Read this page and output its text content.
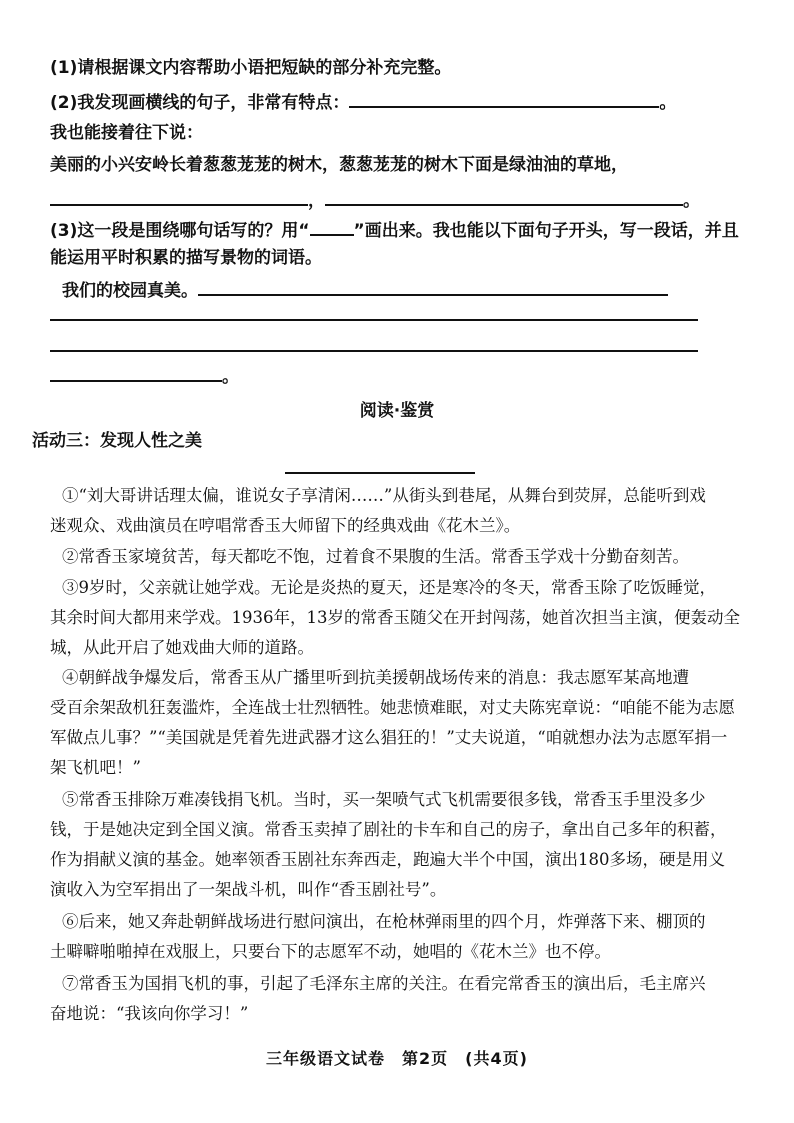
(1)请根据课文内容帮助小语把短缺的部分补充完整。
(2)我发现画横线的句子，非常有特点：	。
我也能接着往下说：
美丽的小兴安岭长着葱葱茏茏的树木，葱葱茏茏的树木下面是绿油油的草地，
，	。
(3)这一段是围绕哪句话写的？用“	”画出来。我也能以下面句子开头，写一段话，并且
能运用平时积累的描写景物的词语。
我们的校园真美。
。
阅读·鉴赏
活动三：发现人性之美
①“刘大哥讲话理太偏，谁说女子享清闲……”从街头到巷尾，从舞台到荧屏，总能听到戏
迷观众、戏曲演员在哼唱常香玉大师留下的经典戏曲《花木兰》。
②常香玉家境贫苦，每天都吃不饱，过着食不果腹的生活。常香玉学戏十分勤奋刻苦。
③9岁时，父亲就让她学戏。无论是炎热的夏天，还是寒冷的冬天，常香玉除了吃饭睡觉，
其余时间大都用来学戏。1936年，13岁的常香玉随父在开封闯荡，她首次担当主演，便轰动全
城，从此开启了她戏曲大师的道路。
④朝鲜战争爆发后，常香玉从广播里听到抗美援朝战场传来的消息：我志愿军某高地遭
受百余架敌机狂轰滥炸，全连战士壮烈牺牲。她悲愤难眠，对丈夫陈宪章说：“咱能不能为志愿
军做点儿事？”“美国就是凭着先进武器才这么猖狂的！”丈夫说道，“咱就想办法为志愿军捐一
架飞机吧！”
⑤常香玉排除万难凑钱捐飞机。当时，买一架喷气式飞机需要很多钱，常香玉手里没多少
钱，于是她决定到全国义演。常香玉卖掉了剧社的卡车和自己的房子，拿出自己多年的积蓄，
作为捐献义演的基金。她率领香玉剧社东奔西走，跑遍大半个中国，演出180多场，硬是用义
演收入为空军捐出了一架战斗机，叫作“香玉剧社号”。
⑥后来，她又奔赴朝鲜战场进行慰问演出，在枪林弹雨里的四个月，炸弹落下来、棚顶的
土噼噼啪啪掉在戏服上，只要台下的志愿军不动，她唱的《花木兰》也不停。
⑦常香玉为国捐飞机的事，引起了毛泽东主席的关注。在看完常香玉的演出后，毛主席兴
奋地说：“我该向你学习！”
三年级语文试卷　第2页　(共4页)
